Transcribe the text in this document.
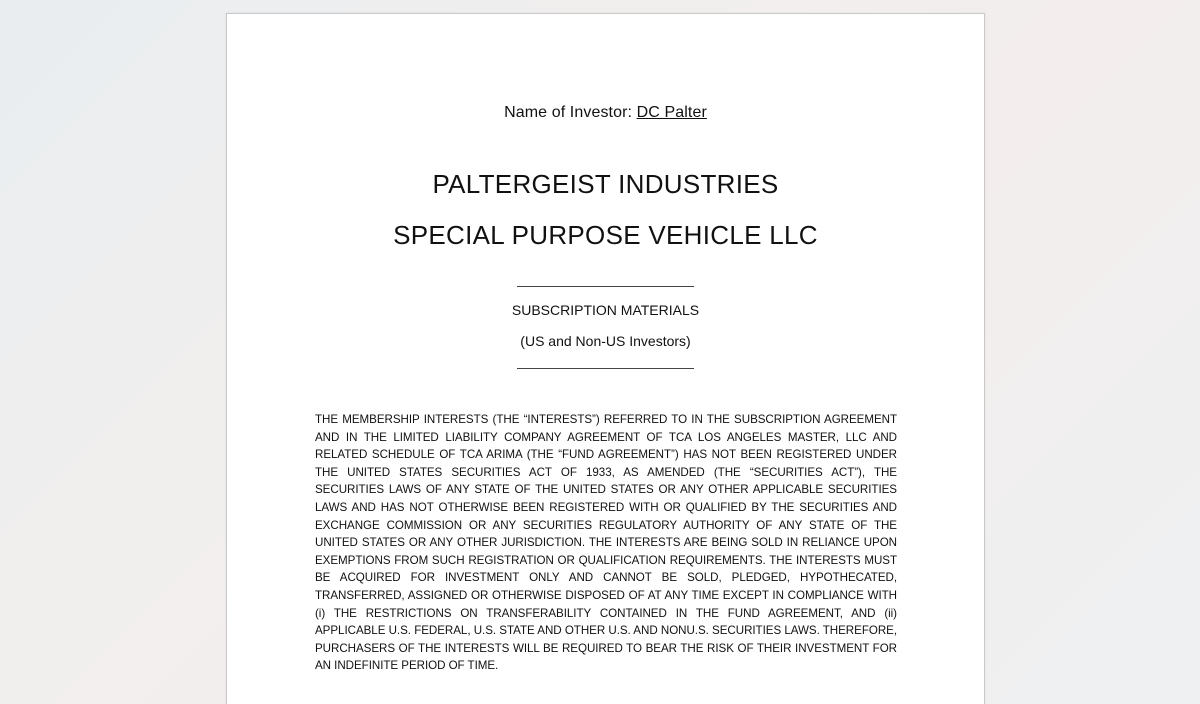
Name of Investor: DC Palter
PALTERGEIST INDUSTRIES
SPECIAL PURPOSE VEHICLE LLC
SUBSCRIPTION MATERIALS
(US and Non-US Investors)
THE MEMBERSHIP INTERESTS (THE “INTERESTS”) REFERRED TO IN THE SUBSCRIPTION AGREEMENT AND IN THE LIMITED LIABILITY COMPANY AGREEMENT OF TCA LOS ANGELES MASTER, LLC AND RELATED SCHEDULE OF TCA ARIMA (THE “FUND AGREEMENT”) HAS NOT BEEN REGISTERED UNDER THE UNITED STATES SECURITIES ACT OF 1933, AS AMENDED (THE “SECURITIES ACT”), THE SECURITIES LAWS OF ANY STATE OF THE UNITED STATES OR ANY OTHER APPLICABLE SECURITIES LAWS AND HAS NOT OTHERWISE BEEN REGISTERED WITH OR QUALIFIED BY THE SECURITIES AND EXCHANGE COMMISSION OR ANY SECURITIES REGULATORY AUTHORITY OF ANY STATE OF THE UNITED STATES OR ANY OTHER JURISDICTION. THE INTERESTS ARE BEING SOLD IN RELIANCE UPON EXEMPTIONS FROM SUCH REGISTRATION OR QUALIFICATION REQUIREMENTS. THE INTERESTS MUST BE ACQUIRED FOR INVESTMENT ONLY AND CANNOT BE SOLD, PLEDGED, HYPOTHECATED, TRANSFERRED, ASSIGNED OR OTHERWISE DISPOSED OF AT ANY TIME EXCEPT IN COMPLIANCE WITH (i) THE RESTRICTIONS ON TRANSFERABILITY CONTAINED IN THE FUND AGREEMENT, AND (ii) APPLICABLE U.S. FEDERAL, U.S. STATE AND OTHER U.S. AND NONU.S. SECURITIES LAWS. THEREFORE, PURCHASERS OF THE INTERESTS WILL BE REQUIRED TO BEAR THE RISK OF THEIR INVESTMENT FOR AN INDEFINITE PERIOD OF TIME.
